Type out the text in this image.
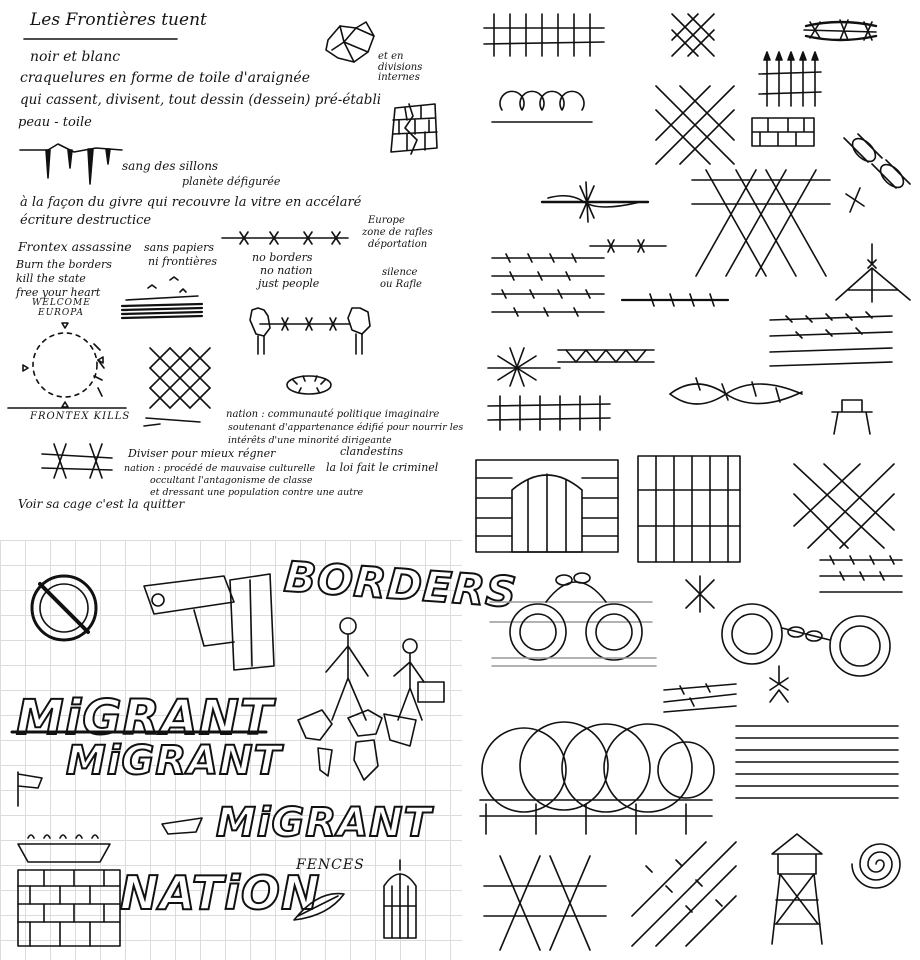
Les Frontières tuent
noir et blanc
craquelures en forme de toile d'araignée
qui cassent, divisent, tout dessin (dessein) pré-établi
peau - toile
et en divisions internes
sang des sillons
planète défigurée
à la façon du givre qui recouvre la vitre en accélaré
écriture destructice	Europe
zone de rafles
déportation
Frontex assassine
Burn the borders
kill the state
free your heart
WELCOME
EUROPA
sans papiers
ni frontières	no borders
no nation
just people
silence
ou Rafle
FRONTEX KILLS	nation : communauté politique imaginaire
soutenant d'appartenance édifié pour nourrir les
intérêts d'une minorité dirigeante
Diviser pour mieux régner
nation : procédé de mauvaise culturelle
occultant l'antagonisme de classe
et dressant une population contre une autre
clandestins
la loi fait le criminel
Voir sa cage c'est la quitter
BORDERS
MiGRANT
MiGRANT
MiGRANT
NATiON
FENCES
